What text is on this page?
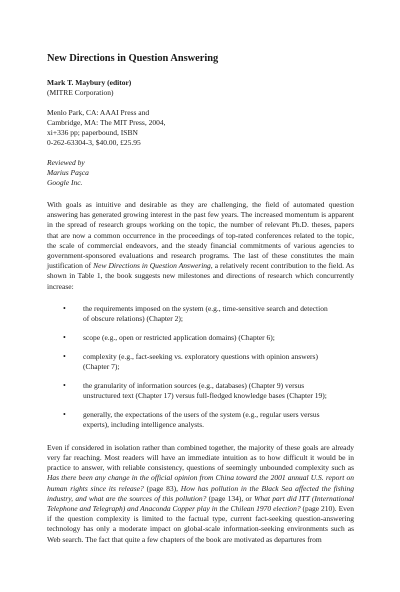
New Directions in Question Answering
Mark T. Maybury (editor)
(MITRE Corporation)
Menlo Park, CA: AAAI Press and
Cambridge, MA: The MIT Press, 2004,
xi+336 pp; paperbound, ISBN
0-262-63304-3, $40.00, £25.95
Reviewed by
Marius Paşca
Google Inc.
With goals as intuitive and desirable as they are challenging, the field of automated question answering has generated growing interest in the past few years. The increased momentum is apparent in the spread of research groups working on the topic, the number of relevant Ph.D. theses, papers that are now a common occurrence in the proceedings of top-rated conferences related to the topic, the scale of commercial endeavors, and the steady financial commitments of various agencies to government-sponsored evaluations and research programs. The last of these constitutes the main justification of New Directions in Question Answering, a relatively recent contribution to the field. As shown in Table 1, the book suggests new milestones and directions of research which concurrently increase:
• the requirements imposed on the system (e.g., time-sensitive search and detection of obscure relations) (Chapter 2);
• scope (e.g., open or restricted application domains) (Chapter 6);
• complexity (e.g., fact-seeking vs. exploratory questions with opinion answers) (Chapter 7);
• the granularity of information sources (e.g., databases) (Chapter 9) versus unstructured text (Chapter 17) versus full-fledged knowledge bases (Chapter 19);
• generally, the expectations of the users of the system (e.g., regular users versus experts), including intelligence analysts.
Even if considered in isolation rather than combined together, the majority of these goals are already very far reaching. Most readers will have an immediate intuition as to how difficult it would be in practice to answer, with reliable consistency, questions of seemingly unbounded complexity such as Has there been any change in the official opinion from China toward the 2001 annual U.S. report on human rights since its release? (page 83), How has pollution in the Black Sea affected the fishing industry, and what are the sources of this pollution? (page 134), or What part did ITT (International Telephone and Telegraph) and Anaconda Copper play in the Chilean 1970 election? (page 210). Even if the question complexity is limited to the factual type, current fact-seeking question-answering technology has only a moderate impact on global-scale information-seeking environments such as Web search. The fact that quite a few chapters of the book are motivated as departures from
